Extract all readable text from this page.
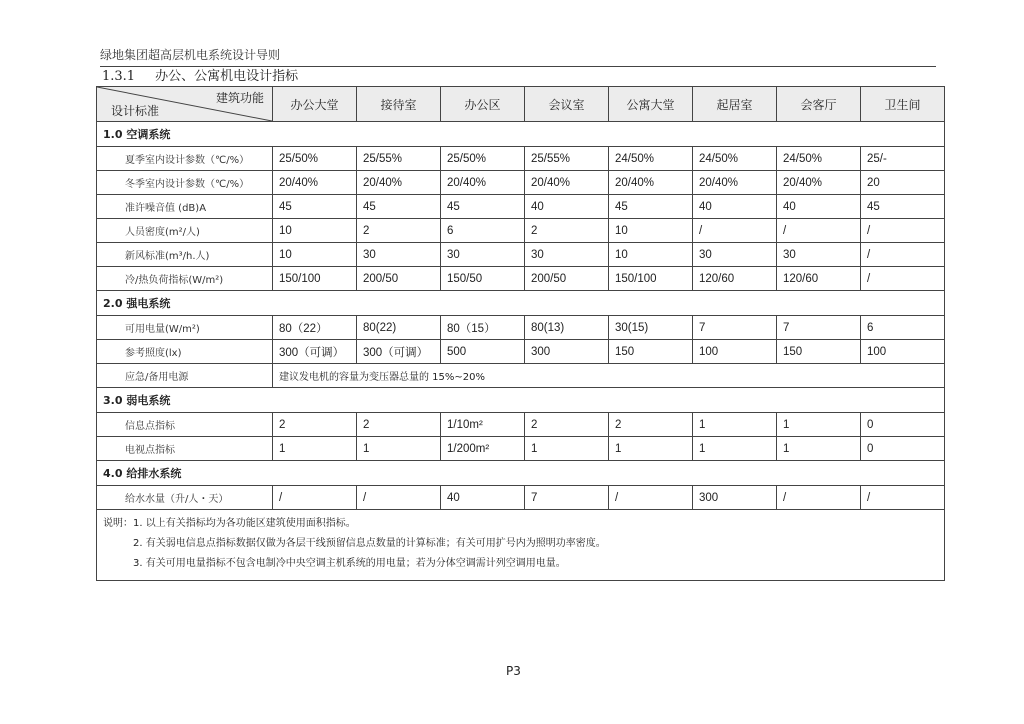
绿地集团超高层机电系统设计导则
1.3.1 办公、公寓机电设计指标
建筑功能
设计标准	办公大堂	接待室	办公区	会议室	公寓大堂	起居室	会客厅	卫生间
1.0 空调系统								
夏季室内设计参数（℃/%）	25/50%	25/55%	25/50%	25/55%	24/50%	24/50%	24/50%	25/-
冬季室内设计参数（℃/%）	20/40%	20/40%	20/40%	20/40%	20/40%	20/40%	20/40%	20
准许噪音值 (dB)A	45	45	45	40	45	40	40	45
人员密度(m²/人)	10	2	6	2	10	/	/	/
新风标准(m³/h.人)	10	30	30	30	10	30	30	/
冷/热负荷指标(W/m²)	150/100	200/50	150/50	200/50	150/100	120/60	120/60	/
2.0 强电系统								
可用电量(W/m²)	80（22）	80(22)	80（15）	80(13)	30(15)	7	7	6
参考照度(lx)	300（可调）	300（可调）	500	300	150	100	150	100
应急/备用电源	建议发电机的容量为变压器总量的 15%~20%							
3.0 弱电系统								
信息点指标	2	2	1/10m²	2	2	1	1	0
电视点指标	1	1	1/200m²	1	1	1	1	0
4.0 给排水系统								
给水水量（升/人・天）	/	/	40	7	/	300	/	/

说明：1. 以上有关指标均为各功能区建筑使用面积指标。
2. 有关弱电信息点指标数据仅做为各层干线预留信息点数量的计算标准；有关可用扩号内为照明功率密度。
3. 有关可用电量指标不包含电制冷中央空调主机系统的用电量；若为分体空调需计列空调用电量。								
P3
